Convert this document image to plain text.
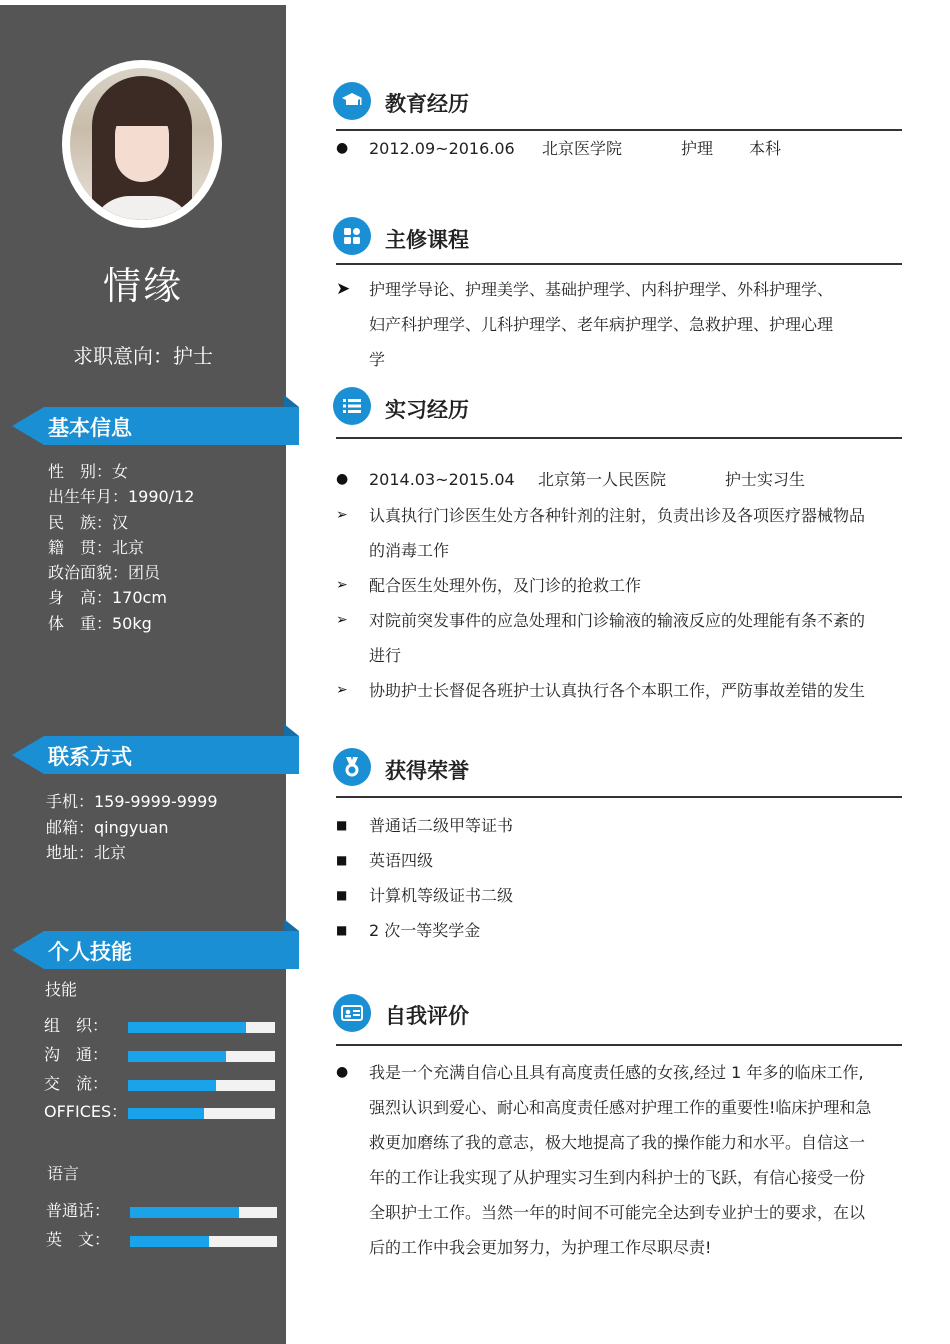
情缘
求职意向：护士
基本信息
性　别：女
出生年月：1990/12
民　族：汉
籍　贯：北京
政治面貌：团员
身　高：170cm
体　重：50kg
联系方式
手机：159-9999-9999
邮箱：qingyuan
地址：北京
个人技能
技能
组　织：
沟　通：
交　流：
OFFICES：
语言
普通话：
英　文：
教育经历
●	2012.09~2016.06 北京医学院	护理 本科
主修课程
➤	护理学导论、护理美学、基础护理学、内科护理学、外科护理学、
妇产科护理学、儿科护理学、老年病护理学、急救护理、护理心理
学
实习经历
●	2014.03~2015.04 北京第一人民医院	护士实习生
➢	认真执行门诊医生处方各种针剂的注射，负责出诊及各项医疗器械物品
的消毒工作
➢	配合医生处理外伤，及门诊的抢救工作
➢	对院前突发事件的应急处理和门诊输液的输液反应的处理能有条不紊的
进行
➢	协助护士长督促各班护士认真执行各个本职工作，严防事故差错的发生
获得荣誉
■	普通话二级甲等证书
■	英语四级
■	计算机等级证书二级
■	2 次一等奖学金
自我评价
●	我是一个充满自信心且具有高度责任感的女孩,经过 1 年多的临床工作,
强烈认识到爱心、耐心和高度责任感对护理工作的重要性!临床护理和急
救更加磨练了我的意志，极大地提高了我的操作能力和水平。自信这一
年的工作让我实现了从护理实习生到内科护士的飞跃，有信心接受一份
全职护士工作。当然一年的时间不可能完全达到专业护士的要求，在以
后的工作中我会更加努力，为护理工作尽职尽责!
